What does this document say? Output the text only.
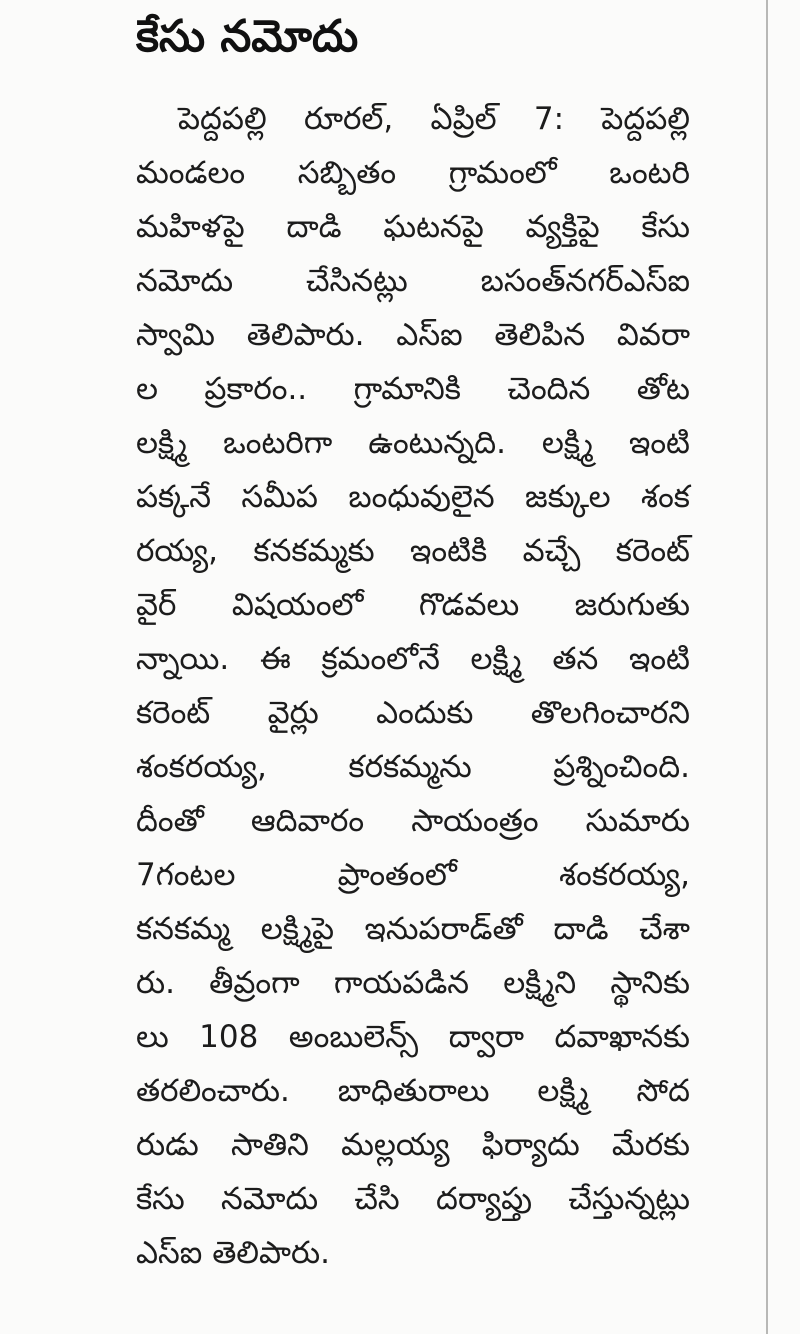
కేసు నమోదు
పెద్దపల్లి రూరల్, ఏప్రిల్ 7: పెద్దపల్లి
మండలం సబ్బితం గ్రామంలో ఒంటరి
మహిళపై దాడి ఘటనపై వ్యక్తిపై కేసు
నమోదు చేసినట్లు బసంత్‌నగర్ఎస్ఐ
స్వామి తెలిపారు. ఎస్ఐ తెలిపిన వివరా
ల ప్రకారం.. గ్రామానికి చెందిన తోట
లక్ష్మి ఒంటరిగా ఉంటున్నది. లక్ష్మి ఇంటి
పక్కనే సమీప బంధువులైన జక్కుల శంక
రయ్య, కనకమ్మకు ఇంటికి వచ్చే కరెంట్
వైర్ విషయంలో గొడవలు జరుగుతు
న్నాయి. ఈ క్రమంలోనే లక్ష్మి తన ఇంటి
కరెంట్ వైర్లు ఎందుకు తొలగించారని
శంకరయ్య, కరకమ్మను ప్రశ్నించింది.
దీంతో ఆదివారం సాయంత్రం సుమారు
7గంటల ప్రాంతంలో శంకరయ్య,
కనకమ్మ లక్ష్మిపై ఇనుపరాడ్‌తో దాడి చేశా
రు. తీవ్రంగా గాయపడిన లక్ష్మిని స్థానికు
లు 108 అంబులెన్స్ ద్వారా దవాఖానకు
తరలించారు. బాధితురాలు లక్ష్మి సోద
రుడు సాతిని మల్లయ్య ఫిర్యాదు మేరకు
కేసు నమోదు చేసి దర్యాప్తు చేస్తున్నట్లు
ఎస్ఐ తెలిపారు.
